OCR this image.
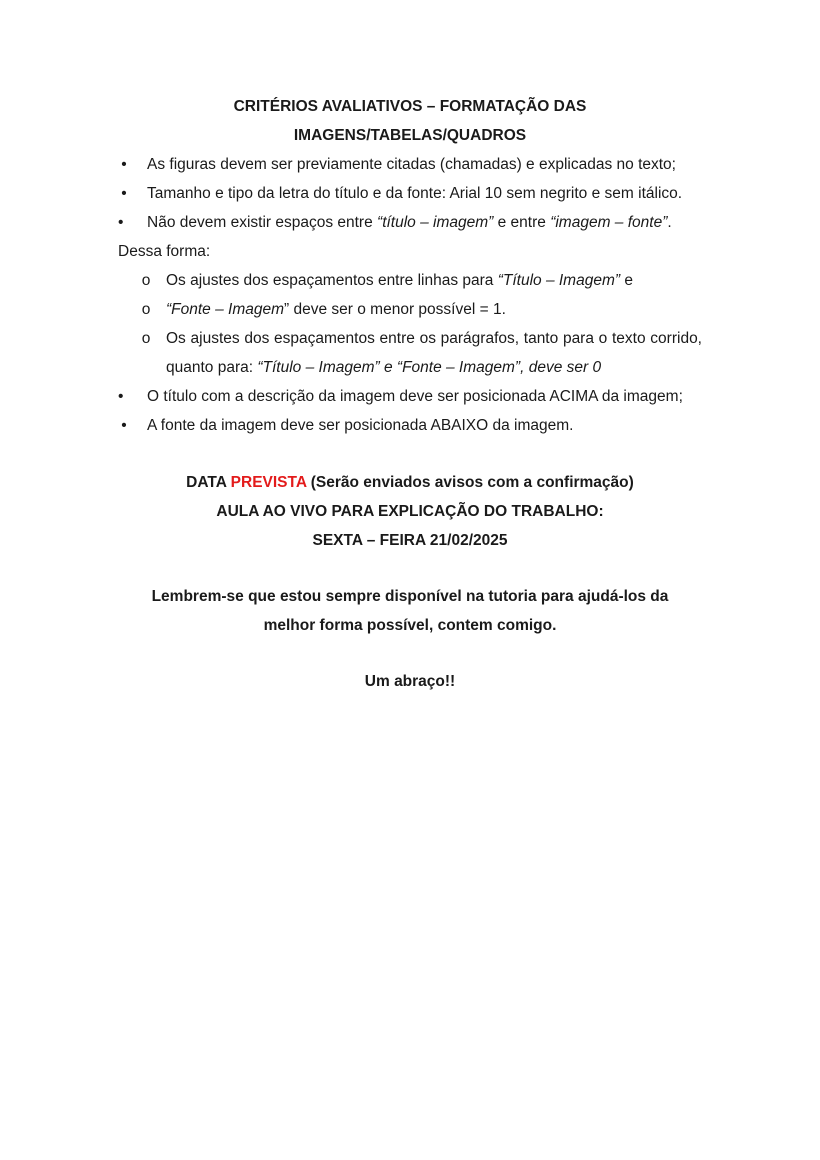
CRITÉRIOS AVALIATIVOS – FORMATAÇÃO DAS
IMAGENS/TABELAS/QUADROS
• As figuras devem ser previamente citadas (chamadas) e explicadas no texto;
• Tamanho e tipo da letra do título e da fonte: Arial 10 sem negrito e sem itálico.
• Não devem existir espaços entre “título – imagem” e entre “imagem – fonte”.
Dessa forma:
o Os ajustes dos espaçamentos entre linhas para “Título – Imagem” e
o “Fonte – Imagem” deve ser o menor possível = 1.
o Os ajustes dos espaçamentos entre os parágrafos, tanto para o texto corrido, quanto para: “Título – Imagem” e “Fonte – Imagem”, deve ser 0
• O título com a descrição da imagem deve ser posicionada ACIMA da imagem;
• A fonte da imagem deve ser posicionada ABAIXO da imagem.
DATA PREVISTA (Serão enviados avisos com a confirmação)
AULA AO VIVO PARA EXPLICAÇÃO DO TRABALHO:
SEXTA – FEIRA 21/02/2025
Lembrem-se que estou sempre disponível na tutoria para ajudá-los da
melhor forma possível, contem comigo.
Um abraço!!
